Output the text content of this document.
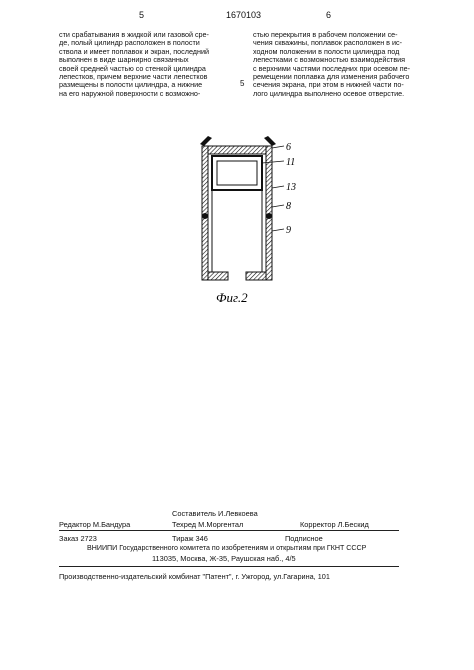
5	1670103	6
сти срабатывания в жидкой или газовой сре-
де, полый цилиндр расположен в полости
ствола и имеет поплавок и экран, последний
выполнен в виде шарнирно связанных
своей средней частью со стенкой цилиндра
лепестков, причем верхние части лепестков
размещены в полости цилиндра, а нижние
на его наружной поверхности с возможно-
5
стью перекрытия в рабочем положении се-
чения скважины, поплавок расположен в ис-
ходном положении в полости цилиндра под
лепестками с возможностью взаимодействия
с верхними частями последних при осевом пе-
ремещении поплавка для изменения рабочего
сечения экрана, при этом в нижней части по-
лого цилиндра выполнено осевое отверстие.
6
11
13
8
9
Фиг.2
Составитель И.Левкоева
Редактор М.Бандура	Техред М.Моргентал	Корректор Л.Бескид
Заказ 2723	Тираж 346	Подписное
ВНИИПИ Государственного комитета по изобретениям и открытиям при ГКНТ СССР
113035, Москва, Ж-35, Раушская наб., 4/5
Производственно-издательский комбинат "Патент", г. Ужгород, ул.Гагарина, 101
